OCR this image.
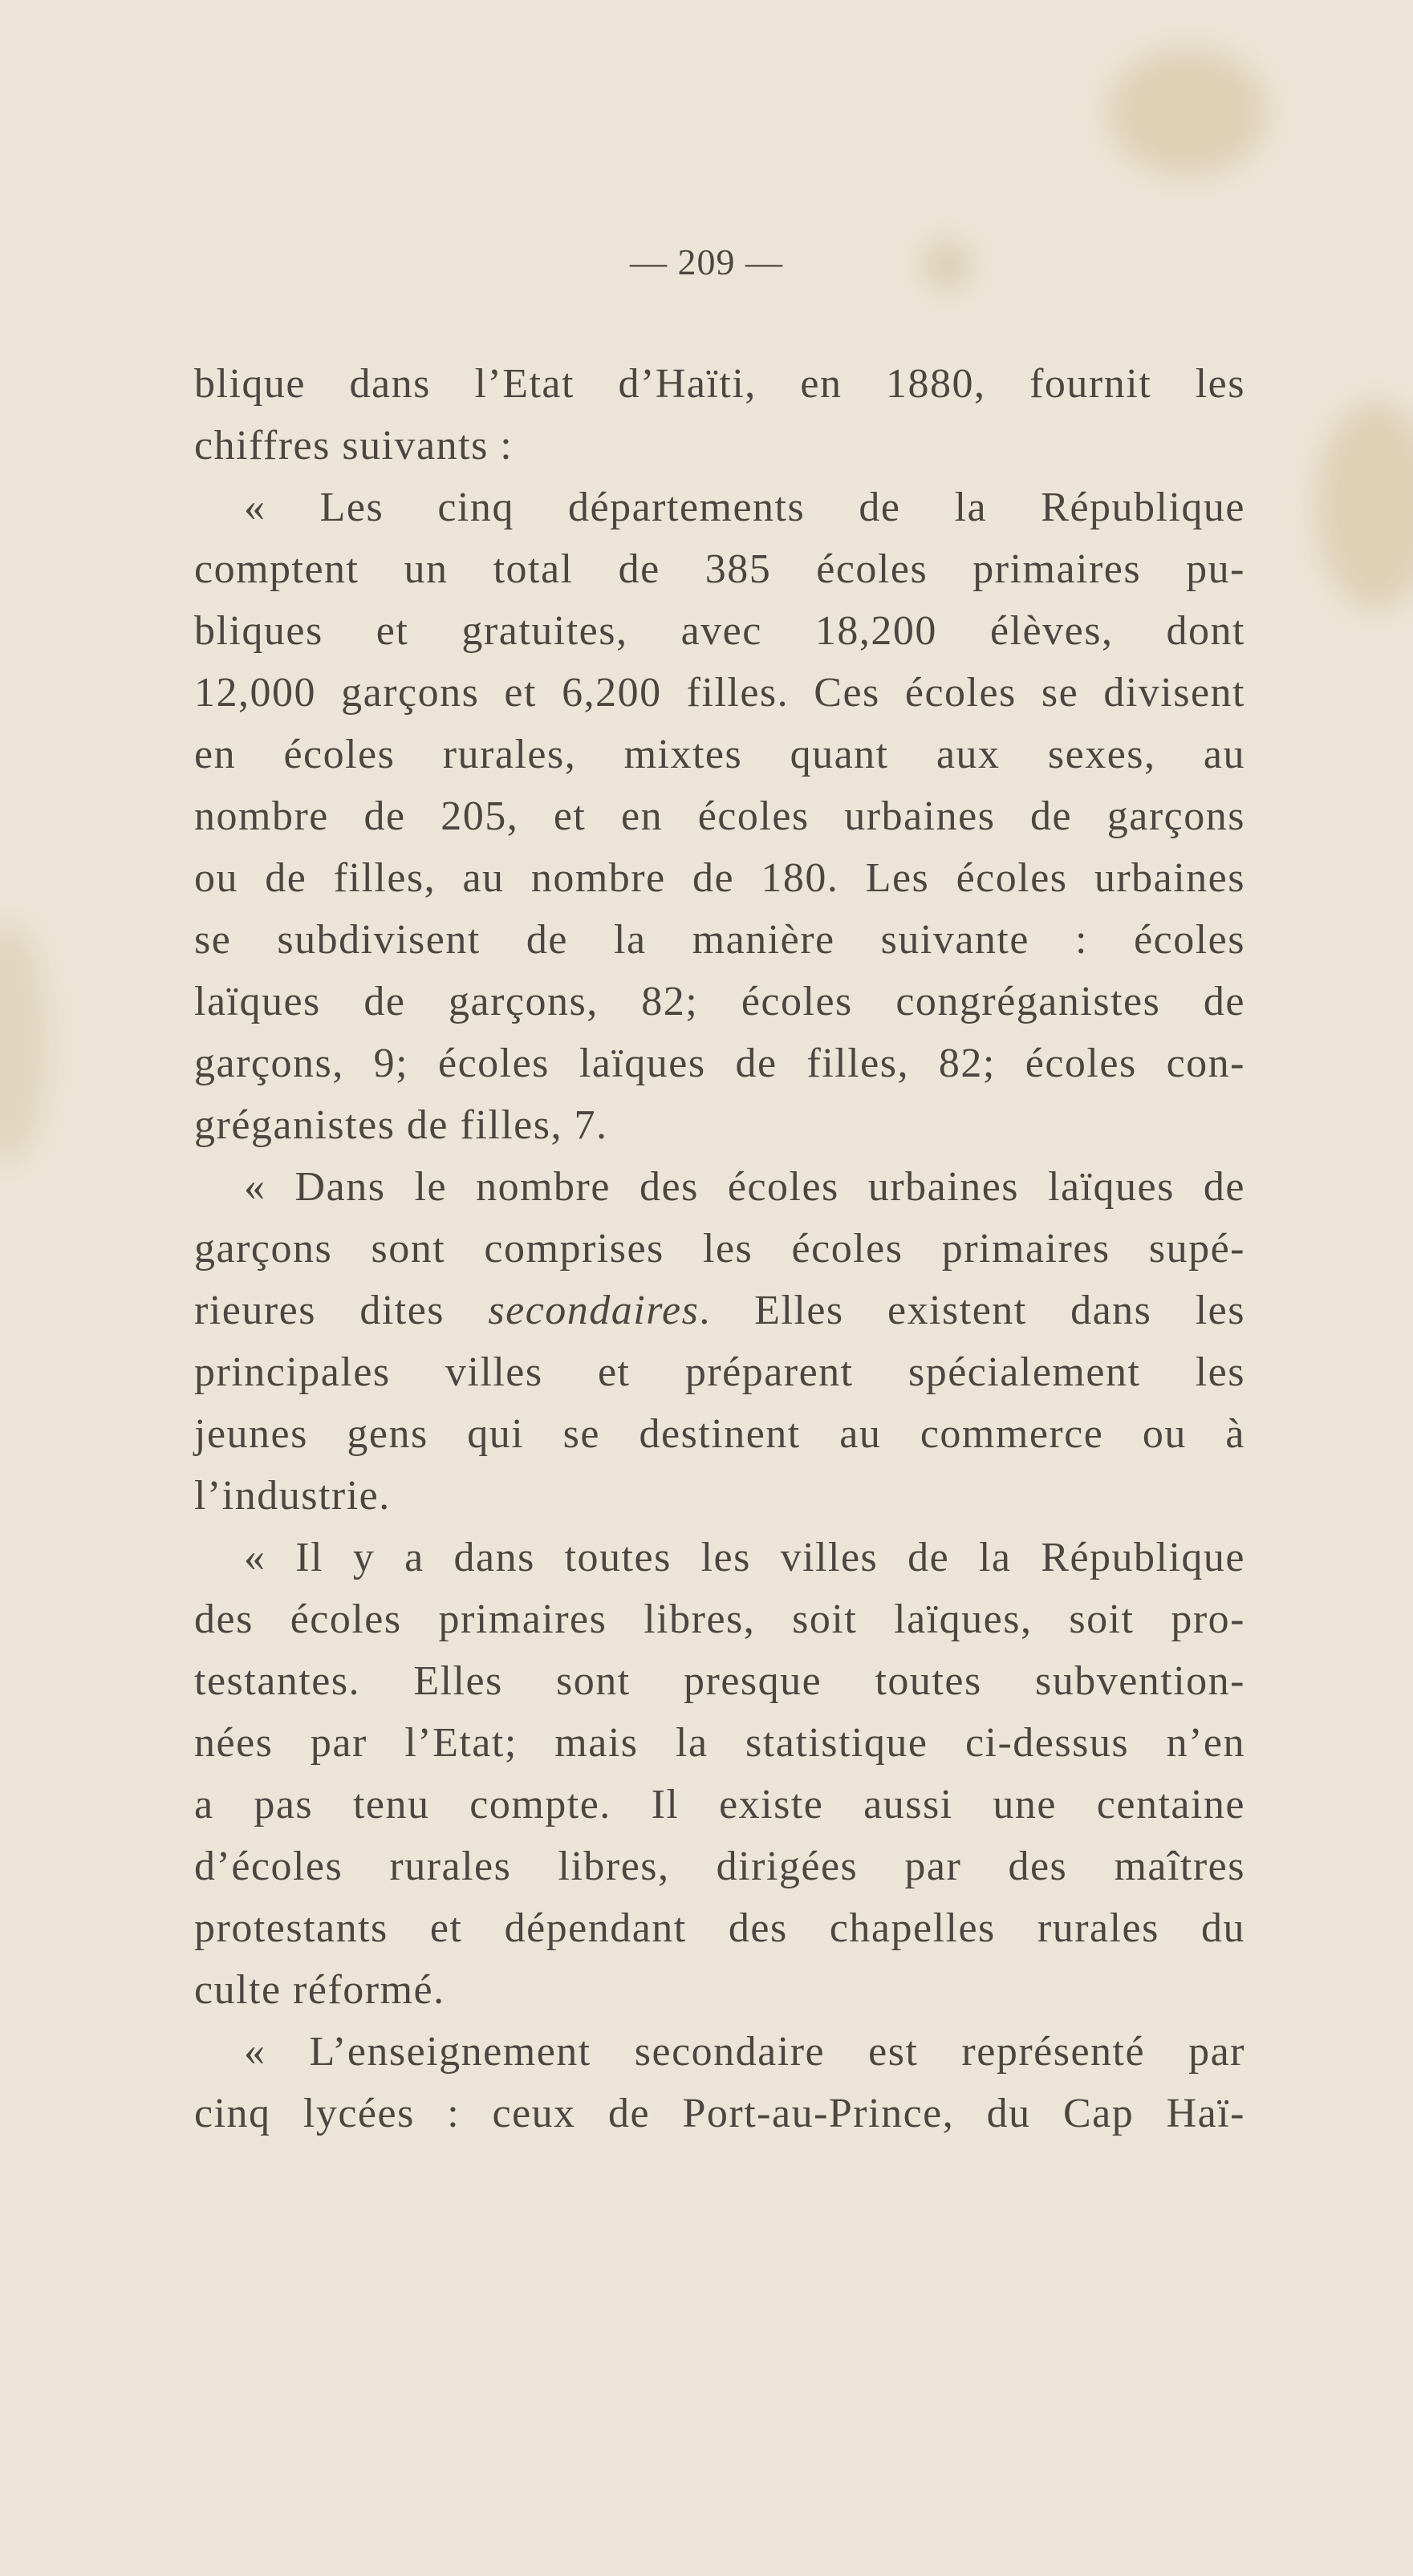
— 209 —
blique dans l’Etat d’Haïti, en 1880, fournit les
chiffres suivants :
« Les cinq départements de la République
comptent un total de 385 écoles primaires pu-
bliques et gratuites, avec 18,200 élèves, dont
12,000 garçons et 6,200 filles. Ces écoles se divisent
en écoles rurales, mixtes quant aux sexes, au
nombre de 205, et en écoles urbaines de garçons
ou de filles, au nombre de 180. Les écoles urbaines
se subdivisent de la manière suivante : écoles
laïques de garçons, 82; écoles congréganistes de
garçons, 9; écoles laïques de filles, 82; écoles con-
gréganistes de filles, 7.
« Dans le nombre des écoles urbaines laïques de
garçons sont comprises les écoles primaires supé-
rieures dites secondaires. Elles existent dans les
principales villes et préparent spécialement les
jeunes gens qui se destinent au commerce ou à
l’industrie.
« Il y a dans toutes les villes de la République
des écoles primaires libres, soit laïques, soit pro-
testantes. Elles sont presque toutes subvention-
nées par l’Etat; mais la statistique ci-dessus n’en
a pas tenu compte. Il existe aussi une centaine
d’écoles rurales libres, dirigées par des maîtres
protestants et dépendant des chapelles rurales du
culte réformé.
« L’enseignement secondaire est représenté par
cinq lycées : ceux de Port-au-Prince, du Cap Haï-
